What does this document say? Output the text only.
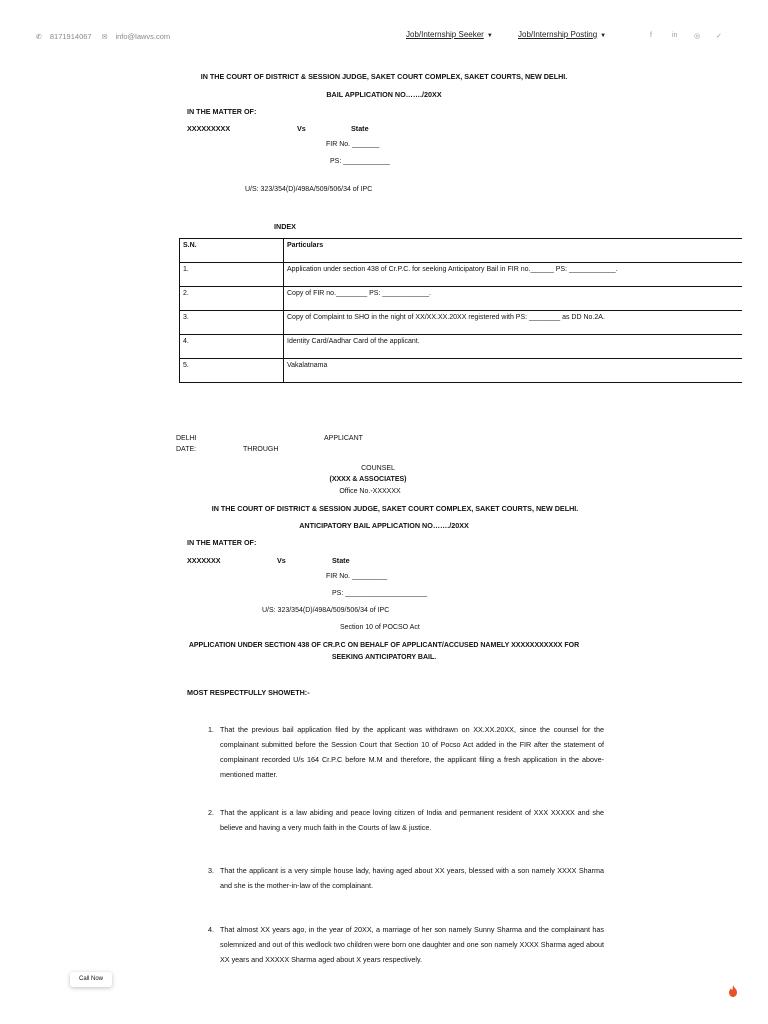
✆ 8171914067 ✉ info@lawvs.com	Job/Internship Seeker ▼	Job/Internship Posting ▼	f	in ◎ ✓
IN THE COURT OF DISTRICT & SESSION JUDGE, SAKET COURT COMPLEX, SAKET COURTS, NEW DELHI.
BAIL APPLICATION NO……./20XX
IN THE MATTER OF:
XXXXXXXXX	Vs	State
FIR No. _______
PS: ____________
U/S: 323/354(D)/498A/509/506/34 of IPC
INDEX
S.N.	Particulars
1.	Application under section 438 of Cr.P.C. for seeking Anticipatory Bail in FIR no.______ PS: ____________.
2.	Copy of FIR no.________ PS: ____________.
3.	Copy of Complaint to SHO in the night of XX/XX.XX.20XX registered with PS: ________ as DD No.2A.
4.	Identity Card/Aadhar Card of the applicant.
5.	Vakalatnama
DELHI	APPLICANT
DATE:	THROUGH
COUNSEL
(XXXX & ASSOCIATES)
Office No.-XXXXXX
IN THE COURT OF DISTRICT & SESSION JUDGE, SAKET COURT COMPLEX, SAKET COURTS, NEW DELHI.
ANTICIPATORY BAIL APPLICATION NO……./20XX
IN THE MATTER OF:
XXXXXXX	Vs	State
FIR No. _________
PS: _____________________
U/S: 323/354(D)/498A/509/506/34 of IPC
Section 10 of POCSO Act
APPLICATION UNDER SECTION 438 OF CR.P.C ON BEHALF OF APPLICANT/ACCUSED NAMELY XXXXXXXXXXX FOR
SEEKING ANTICIPATORY BAIL.
MOST RESPECTFULLY SHOWETH:-
1. That the previous bail application filed by the applicant was withdrawn on XX.XX.20XX, since the counsel for the complainant submitted before the Session Court that Section 10 of Pocso Act added in the FIR after the statement of complainant recorded U/s 164 Cr.P.C before M.M and therefore, the applicant filing a fresh application in the above-mentioned matter.
2. That the applicant is a law abiding and peace loving citizen of India and permanent resident of XXX XXXXX and she believe and having a very much faith in the Courts of law & justice.
3. That the applicant is a very simple house lady, having aged about XX years, blessed with a son namely XXXX Sharma and she is the mother-in-law of the complainant.
4. That almost XX years ago, in the year of 20XX, a marriage of her son namely Sunny Sharma and the complainant has solemnized and out of this wedlock two children were born one daughter and one son namely XXXX Sharma aged about XX years and XXXXX Sharma aged about X years respectively.
Call Now
